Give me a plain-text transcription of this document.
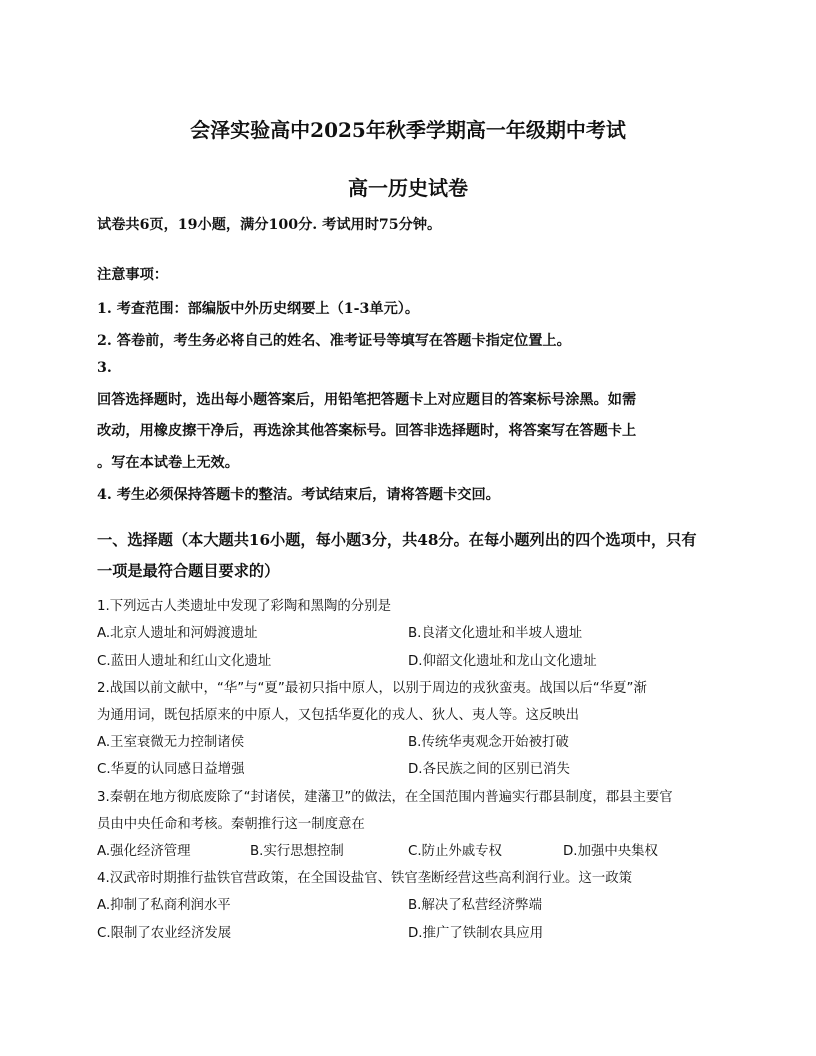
会泽实验高中2025年秋季学期高一年级期中考试
高一历史试卷
试卷共6页，19小题，满分100分. 考试用时75分钟。
注意事项：
1. 考查范围：部编版中外历史纲要上（1-3单元）。
2. 答卷前，考生务必将自己的姓名、准考证号等填写在答题卡指定位置上。
3.
回答选择题时，选出每小题答案后，用铅笔把答题卡上对应题目的答案标号涂黑。如需
改动，用橡皮擦干净后，再选涂其他答案标号。回答非选择题时，将答案写在答题卡上
。写在本试卷上无效。
4. 考生必须保持答题卡的整洁。考试结束后，请将答题卡交回。
一、选择题（本大题共16小题，每小题3分，共48分。在每小题列出的四个选项中，只有
一项是最符合题目要求的）
1.下列远古人类遗址中发现了彩陶和黑陶的分别是
A.北京人遗址和河姆渡遗址	B.良渚文化遗址和半坡人遗址
C.蓝田人遗址和红山文化遗址	D.仰韶文化遗址和龙山文化遗址
2.战国以前文献中，“华”与“夏”最初只指中原人，以别于周边的戎狄蛮夷。战国以后“华夏”渐
为通用词，既包括原来的中原人，又包括华夏化的戎人、狄人、夷人等。这反映出
A.王室衰微无力控制诸侯	B.传统华夷观念开始被打破
C.华夏的认同感日益增强	D.各民族之间的区别已消失
3.秦朝在地方彻底废除了“封诸侯，建藩卫”的做法，在全国范围内普遍实行郡县制度，郡县主要官
员由中央任命和考核。秦朝推行这一制度意在
A.强化经济管理	B.实行思想控制	C.防止外戚专权	D.加强中央集权
4.汉武帝时期推行盐铁官营政策，在全国设盐官、铁官垄断经营这些高利润行业。这一政策
A.抑制了私商利润水平	B.解决了私营经济弊端
C.限制了农业经济发展	D.推广了铁制农具应用
